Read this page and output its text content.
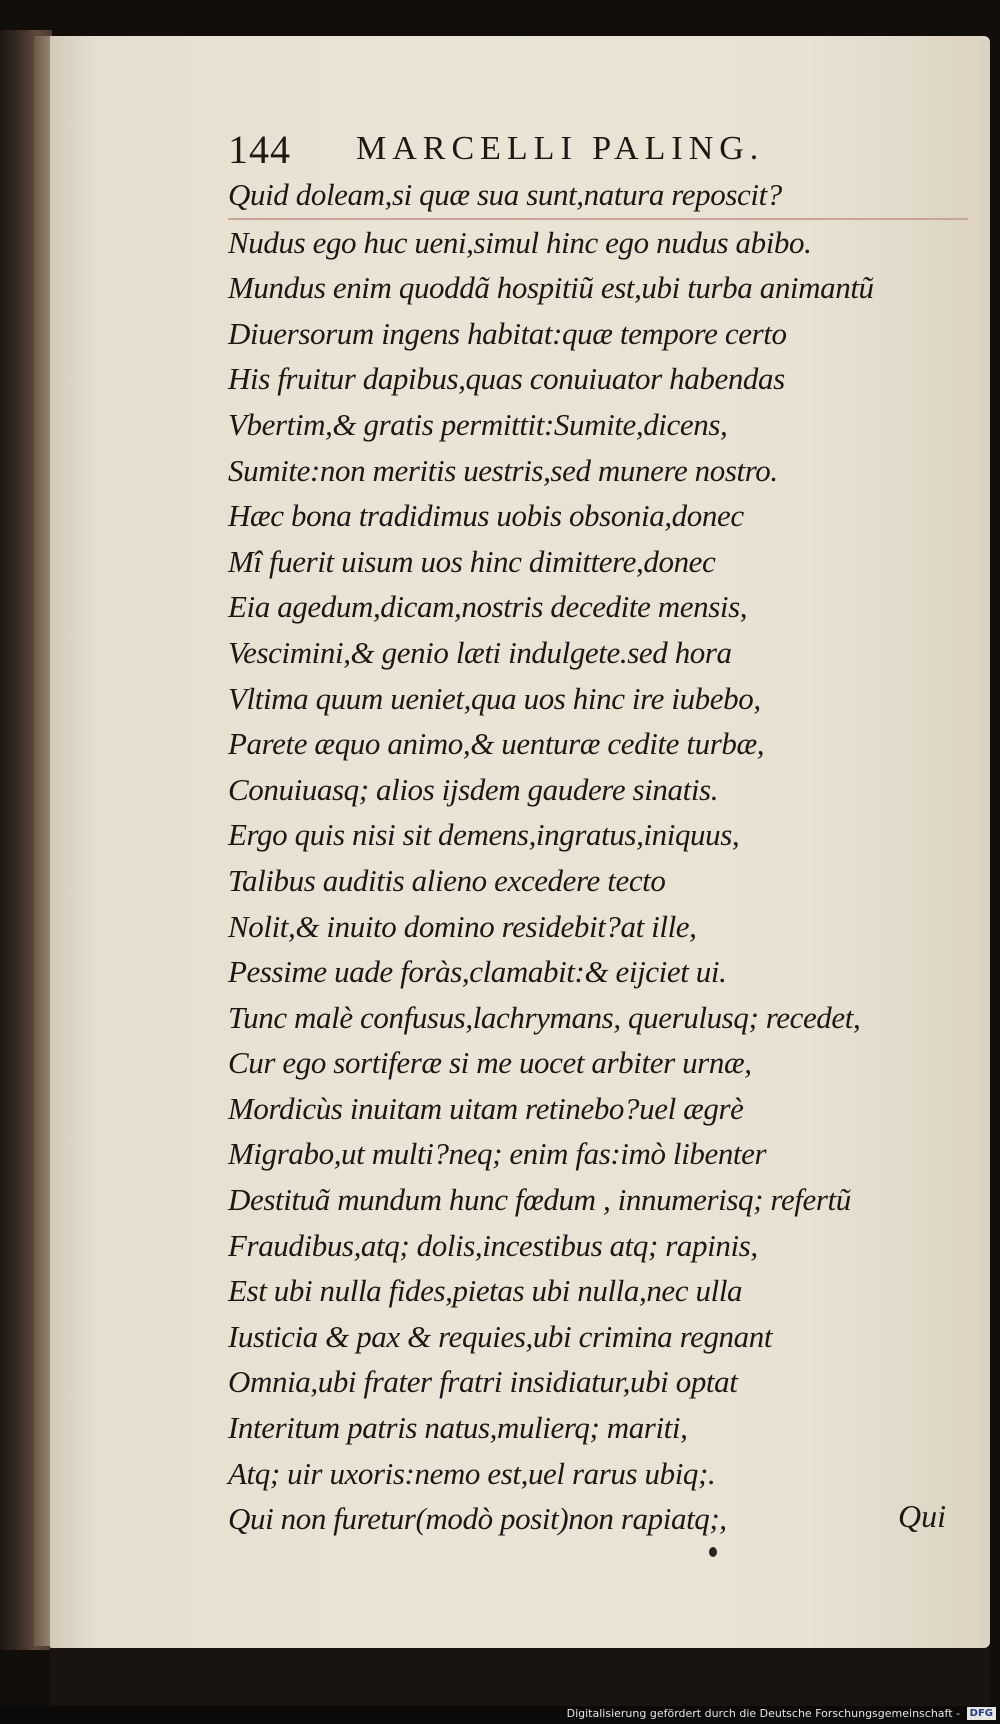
144 MARCELLI PALING.
Quid doleam,si quæ sua sunt,natura reposcit?
Nudus ego huc ueni,simul hinc ego nudus abibo.
Mundus enim quoddã hospitiũ est,ubi turba animantũ
Diuersorum ingens habitat:quæ tempore certo
His fruitur dapibus,quas conuiuator habendas
Vbertim,& gratis permittit:Sumite,dicens,
Sumite:non meritis uestris,sed munere nostro.
Hæc bona tradidimus uobis obsonia,donec
Mî fuerit uisum uos hinc dimittere,donec
Eia agedum,dicam,nostris decedite mensis,
Vescimini,& genio læti indulgete.sed hora
Vltima quum ueniet,qua uos hinc ire iubebo,
Parete æquo animo,& uenturæ cedite turbæ,
Conuiuasq; alios ijsdem gaudere sinatis.
Ergo quis nisi sit demens,ingratus,iniquus,
Talibus auditis alieno excedere tecto
Nolit,& inuito domino residebit?at ille,
Pessime uade foràs,clamabit:& eijciet ui.
Tunc malè confusus,lachrymans, querulusq; recedet,
Cur ego sortiferæ si me uocet arbiter urnæ,
Mordicùs inuitam uitam retinebo?uel ægrè
Migrabo,ut multi?neq; enim fas:imò libenter
Destituã mundum hunc fœdum , innumerisq; refertũ
Fraudibus,atq; dolis,incestibus atq; rapinis,
Est ubi nulla fides,pietas ubi nulla,nec ulla
Iusticia & pax & requies,ubi crimina regnant
Omnia,ubi frater fratri insidiatur,ubi optat
Interitum patris natus,mulierq; mariti,
Atq; uir uxoris:nemo est,uel rarus ubiq;.
Qui non furetur(modò posit)non rapiatq;,	Qui
Digitalisierung gefördert durch die Deutsche Forschungsgemeinschaft - DFG
